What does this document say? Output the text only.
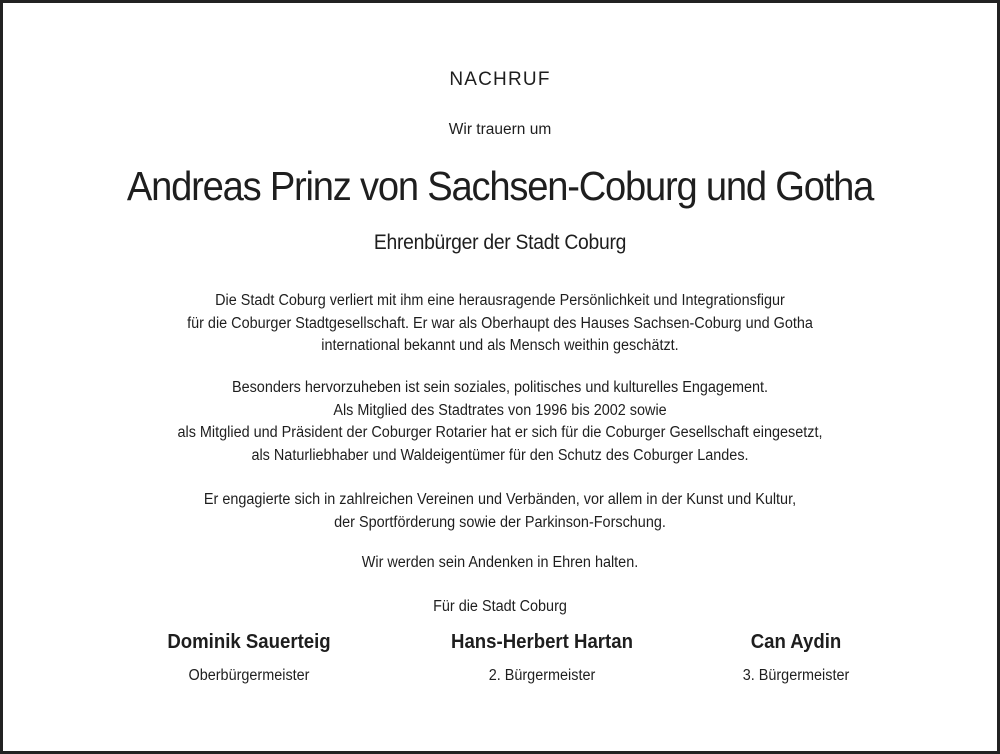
NACHRUF
Wir trauern um
Andreas Prinz von Sachsen-Coburg und Gotha
Ehrenbürger der Stadt Coburg
Die Stadt Coburg verliert mit ihm eine herausragende Persönlichkeit und Integrationsfigur
für die Coburger Stadtgesellschaft. Er war als Oberhaupt des Hauses Sachsen-Coburg und Gotha
international bekannt und als Mensch weithin geschätzt.
Besonders hervorzuheben ist sein soziales, politisches und kulturelles Engagement.
Als Mitglied des Stadtrates von 1996 bis 2002 sowie
als Mitglied und Präsident der Coburger Rotarier hat er sich für die Coburger Gesellschaft eingesetzt,
als Naturliebhaber und Waldeigentümer für den Schutz des Coburger Landes.
Er engagierte sich in zahlreichen Vereinen und Verbänden, vor allem in der Kunst und Kultur,
der Sportförderung sowie der Parkinson-Forschung.
Wir werden sein Andenken in Ehren halten.
Für die Stadt Coburg
Dominik Sauerteig
Oberbürgermeister
Hans-Herbert Hartan
2. Bürgermeister
Can Aydin
3. Bürgermeister
